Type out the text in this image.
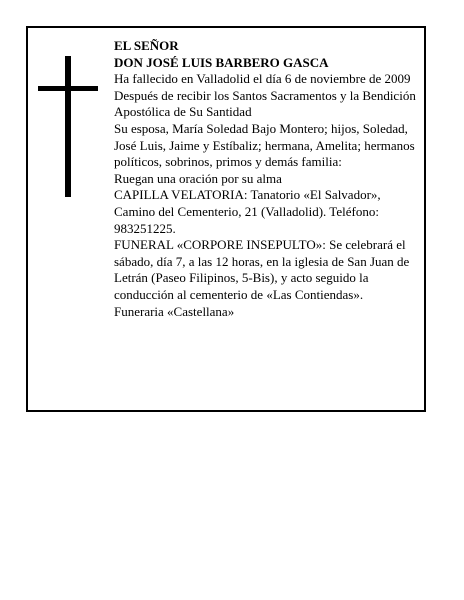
EL SEÑOR

DON JOSÉ LUIS BARBERO GASCA

Ha fallecido en Valladolid el día 6 de noviembre de 2009

Después de recibir los Santos Sacramentos y la Bendición Apostólica de Su Santidad

Su esposa, María Soledad Bajo Montero; hijos, Soledad, José Luis, Jaime y Estíbaliz; hermana, Amelita; hermanos políticos, sobrinos, primos y demás familia:

Ruegan una oración por su alma

CAPILLA VELATORIA: Tanatorio «El Salvador», Camino del Cementerio, 21 (Valladolid). Teléfono: 983251225.

FUNERAL «CORPORE INSEPULTO»: Se celebrará el sábado, día 7, a las 12 horas, en la iglesia de San Juan de Letrán (Paseo Filipinos, 5-Bis), y acto seguido la conducción al cementerio de «Las Contiendas».

Funeraria «Castellana»
